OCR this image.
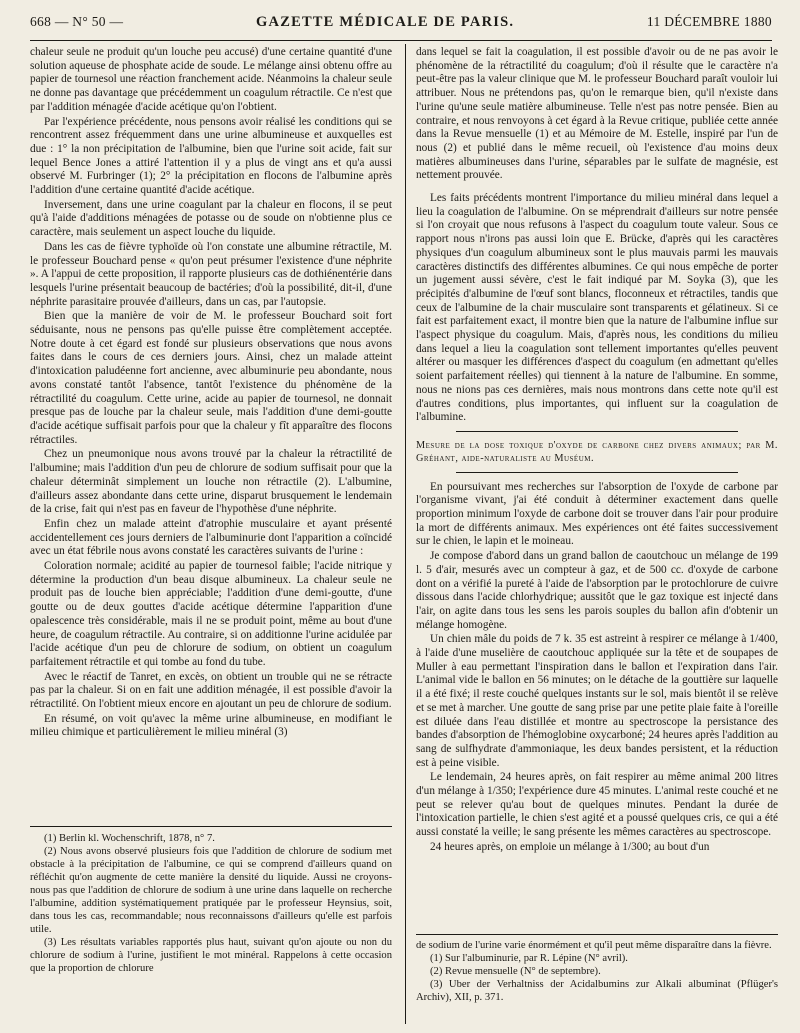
668 — N° 50 —	GAZETTE MÉDICALE DE PARIS.	11 DÉCEMBRE 1880

chaleur seule ne produit qu'un louche peu accusé) d'une certaine quantité d'une solution aqueuse de phosphate acide de soude. Le mélange ainsi obtenu offre au papier de tournesol une réaction franchement acide. Néanmoins la chaleur seule ne donne pas davantage que précédemment un coagulum rétractile. Ce n'est que par l'addition ménagée d'acide acétique qu'on l'obtient.

Par l'expérience précédente, nous pensons avoir réalisé les conditions qui se rencontrent assez fréquemment dans une urine albumineuse et auxquelles est due : 1° la non précipitation de l'albumine, bien que l'urine soit acide, fait sur lequel Bence Jones a attiré l'attention il y a plus de vingt ans et qu'a aussi observé M. Furbringer (1); 2° la précipitation en flocons de l'albumine après l'addition d'une certaine quantité d'acide acétique.

Inversement, dans une urine coagulant par la chaleur en flocons, il se peut qu'à l'aide d'additions ménagées de potasse ou de soude on n'obtienne plus ce caractère, mais seulement un aspect louche du liquide.

Dans les cas de fièvre typhoïde où l'on constate une albumine rétractile, M. le professeur Bouchard pense « qu'on peut présumer l'existence d'une néphrite ». A l'appui de cette proposition, il rapporte plusieurs cas de dothiénentérie dans lesquels l'urine présentait beaucoup de bactéries; d'où la possibilité, dit-il, d'une néphrite parasitaire prouvée d'ailleurs, dans un cas, par l'autopsie.

Bien que la manière de voir de M. le professeur Bouchard soit fort séduisante, nous ne pensons pas qu'elle puisse être complètement acceptée. Notre doute à cet égard est fondé sur plusieurs observations que nous avons faites dans le cours de ces derniers jours. Ainsi, chez un malade atteint d'intoxication paludéenne fort ancienne, avec albuminurie peu abondante, nous avons constaté tantôt l'absence, tantôt l'existence du phénomène de la rétractilité du coagulum. Cette urine, acide au papier de tournesol, ne donnait presque pas de louche par la chaleur seule, mais l'addition d'une demi-goutte d'acide acétique suffisait parfois pour que la chaleur y fît apparaître des flocons rétractiles.

Chez un pneumonique nous avons trouvé par la chaleur la rétractilité de l'albumine; mais l'addition d'un peu de chlorure de sodium suffisait pour que la chaleur déterminât simplement un louche non rétractile (2). L'albumine, d'ailleurs assez abondante dans cette urine, disparut brusquement le lendemain de la crise, fait qui n'est pas en faveur de l'hypothèse d'une néphrite.

Enfin chez un malade atteint d'atrophie musculaire et ayant présenté accidentellement ces jours derniers de l'albuminurie dont l'apparition a coïncidé avec un état fébrile nous avons constaté les caractères suivants de l'urine :

Coloration normale; acidité au papier de tournesol faible; l'acide nitrique y détermine la production d'un beau disque albumineux. La chaleur seule ne produit pas de louche bien appréciable; l'addition d'une demi-goutte, d'une goutte ou de deux gouttes d'acide acétique détermine l'apparition d'une opalescence très considérable, mais il ne se produit point, même au bout d'une heure, de coagulum rétractile. Au contraire, si on additionne l'urine acidulée par l'acide acétique d'un peu de chlorure de sodium, on obtient un coagulum parfaitement rétractile et qui tombe au fond du tube.

Avec le réactif de Tanret, en excès, on obtient un trouble qui ne se rétracte pas par la chaleur. Si on en fait une addition ménagée, il est possible d'avoir la rétractilité. On l'obtient mieux encore en ajoutant un peu de chlorure de sodium.

En résumé, on voit qu'avec la même urine albumineuse, en modifiant le milieu chimique et particulièrement le milieu minéral (3)

(1) Berlin kl. Wochenschrift, 1878, n° 7.

(2) Nous avons observé plusieurs fois que l'addition de chlorure de sodium met obstacle à la précipitation de l'albumine, ce qui se comprend d'ailleurs quand on réfléchit qu'on augmente de cette manière la densité du liquide. Aussi ne croyons-nous pas que l'addition de chlorure de sodium à une urine dans laquelle on recherche l'albumine, addition systématiquement pratiquée par le professeur Heynsius, soit, dans tous les cas, recommandable; nous reconnaissons d'ailleurs qu'elle est parfois utile.

(3) Les résultats variables rapportés plus haut, suivant qu'on ajoute ou non du chlorure de sodium à l'urine, justifient le mot minéral. Rappelons à cette occasion que la proportion de chlorure

dans lequel se fait la coagulation, il est possible d'avoir ou de ne pas avoir le phénomène de la rétractilité du coagulum; d'où il résulte que le caractère n'a peut-être pas la valeur clinique que M. le professeur Bouchard paraît vouloir lui attribuer. Nous ne prétendons pas, qu'on le remarque bien, qu'il n'existe dans l'urine qu'une seule matière albumineuse. Telle n'est pas notre pensée. Bien au contraire, et nous renvoyons à cet égard à la Revue critique, publiée cette année dans la Revue mensuelle (1) et au Mémoire de M. Estelle, inspiré par l'un de nous (2) et publié dans le même recueil, où l'existence d'au moins deux matières albumineuses dans l'urine, séparables par le sulfate de magnésie, est nettement prouvée.

Les faits précédents montrent l'importance du milieu minéral dans lequel a lieu la coagulation de l'albumine. On se méprendrait d'ailleurs sur notre pensée si l'on croyait que nous refusons à l'aspect du coagulum toute valeur. Sous ce rapport nous n'irons pas aussi loin que E. Brücke, d'après qui les caractères physiques d'un coagulum albumineux sont le plus mauvais parmi les mauvais caractères distinctifs des différentes albumines. Ce qui nous empêche de porter un jugement aussi sévère, c'est le fait indiqué par M. Soyka (3), que les précipités d'albumine de l'œuf sont blancs, floconneux et rétractiles, tandis que ceux de l'albumine de la chair musculaire sont transparents et gélatineux. Si ce fait est parfaitement exact, il montre bien que la nature de l'albumine influe sur l'aspect physique du coagulum. Mais, d'après nous, les conditions du milieu dans lequel a lieu la coagulation sont tellement importantes qu'elles peuvent altérer ou masquer les différences d'aspect du coagulum (en admettant qu'elles soient parfaitement réelles) qui tiennent à la nature de l'albumine. En somme, nous ne nions pas ces dernières, mais nous montrons dans cette note qu'il est d'autres conditions, plus importantes, qui influent sur la coagulation de l'albumine.

Mesure de la dose toxique d'oxyde de carbone chez divers animaux; par M. Gréhant, aide-naturaliste au Muséum.

En poursuivant mes recherches sur l'absorption de l'oxyde de carbone par l'organisme vivant, j'ai été conduit à déterminer exactement dans quelle proportion minimum l'oxyde de carbone doit se trouver dans l'air pour produire la mort de différents animaux. Mes expériences ont été faites successivement sur le chien, le lapin et le moineau.

Je compose d'abord dans un grand ballon de caoutchouc un mélange de 199 l. 5 d'air, mesurés avec un compteur à gaz, et de 500 cc. d'oxyde de carbone dont on a vérifié la pureté à l'aide de l'absorption par le protochlorure de cuivre dissous dans l'acide chlorhydrique; aussitôt que le gaz toxique est injecté dans l'air, on agite dans tous les sens les parois souples du ballon afin d'obtenir un mélange homogène.

Un chien mâle du poids de 7 k. 35 est astreint à respirer ce mélange à 1/400, à l'aide d'une muselière de caoutchouc appliquée sur la tête et de soupapes de Muller à eau permettant l'inspiration dans le ballon et l'expiration dans l'air. L'animal vide le ballon en 56 minutes; on le détache de la gouttière sur laquelle il a été fixé; il reste couché quelques instants sur le sol, mais bientôt il se relève et se met à marcher. Une goutte de sang prise par une petite plaie faite à l'oreille est diluée dans l'eau distillée et montre au spectroscope la persistance des bandes d'absorption de l'hémoglobine oxycarboné; 24 heures après l'addition au sang de sulfhydrate d'ammoniaque, les deux bandes persistent, et la réduction est à peine visible.

Le lendemain, 24 heures après, on fait respirer au même animal 200 litres d'un mélange à 1/350; l'expérience dure 45 minutes. L'animal reste couché et ne peut se relever qu'au bout de quelques minutes. Pendant la durée de l'intoxication partielle, le chien s'est agité et a poussé quelques cris, ce qui a été aussi constaté la veille; le sang présente les mêmes caractères au spectroscope.

24 heures après, on emploie un mélange à 1/300; au bout d'un

de sodium de l'urine varie énormément et qu'il peut même disparaître dans la fièvre.

(1) Sur l'albuminurie, par R. Lépine (N° avril).

(2) Revue mensuelle (N° de septembre).

(3) Uber der Verhaltniss der Acidalbumins zur Alkali albuminat (Pflüger's Archiv), XII, p. 371.
